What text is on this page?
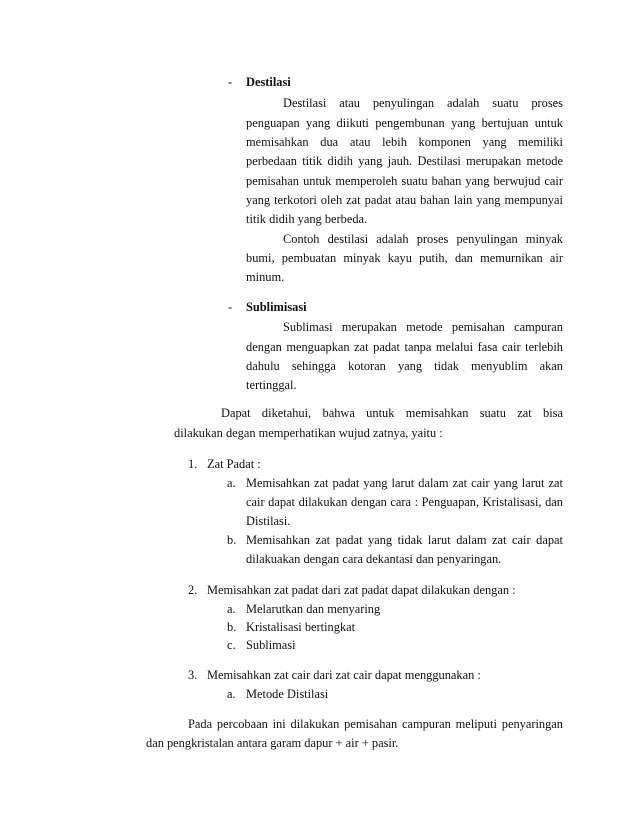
- Destilasi
Destilasi atau penyulingan adalah suatu proses
penguapan yang diikuti pengembunan yang bertujuan untuk
memisahkan dua atau lebih komponen yang memiliki
perbedaan titik didih yang jauh. Destilasi merupakan metode
pemisahan untuk memperoleh suatu bahan yang berwujud cair
yang terkotori oleh zat padat atau bahan lain yang mempunyai
titik didih yang berbeda.
Contoh destilasi adalah proses penyulingan minyak
bumi, pembuatan minyak kayu putih, dan memurnikan air
minum.
- Sublimisasi
Sublimasi merupakan metode pemisahan campuran
dengan menguapkan zat padat tanpa melalui fasa cair terlebih
dahulu sehingga kotoran yang tidak menyublim akan
tertinggal.
Dapat diketahui, bahwa untuk memisahkan suatu zat bisa
dilakukan degan memperhatikan wujud zatnya, yaitu :
1. Zat Padat :
a. Memisahkan zat padat yang larut dalam zat cair yang larut zat
cair dapat dilakukan dengan cara : Penguapan, Kristalisasi, dan
Distilasi.
b. Memisahkan zat padat yang tidak larut dalam zat cair dapat
dilakuakan dengan cara dekantasi dan penyaringan.
2. Memisahkan zat padat dari zat padat dapat dilakukan dengan :
a. Melarutkan dan menyaring
b. Kristalisasi bertingkat
c. Sublimasi
3. Memisahkan zat cair dari zat cair dapat menggunakan :
a. Metode Distilasi
Pada percobaan ini dilakukan pemisahan campuran meliputi penyaringan
dan pengkristalan antara garam dapur + air + pasir.
